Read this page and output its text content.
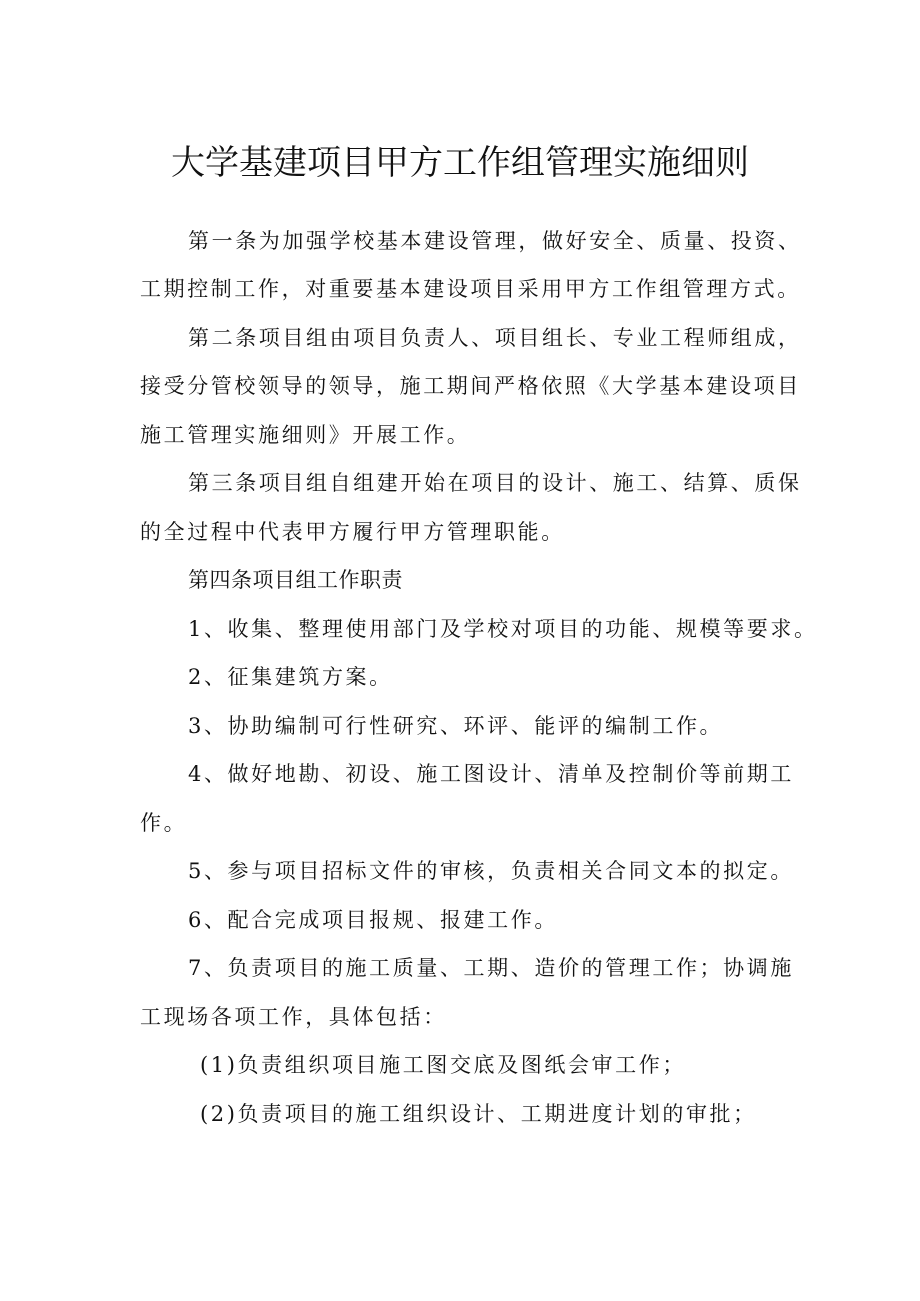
大学基建项目甲方工作组管理实施细则

第一条为加强学校基本建设管理，做好安全、质量、投资、

工期控制工作，对重要基本建设项目采用甲方工作组管理方式。

第二条项目组由项目负责人、项目组长、专业工程师组成，

接受分管校领导的领导，施工期间严格依照《大学基本建设项目

施工管理实施细则》开展工作。

第三条项目组自组建开始在项目的设计、施工、结算、质保

的全过程中代表甲方履行甲方管理职能。

第四条项目组工作职责

1、收集、整理使用部门及学校对项目的功能、规模等要求。

2、征集建筑方案。

3、协助编制可行性研究、环评、能评的编制工作。

4、做好地勘、初设、施工图设计、清单及控制价等前期工

作。

5、参与项目招标文件的审核，负责相关合同文本的拟定。

6、配合完成项目报规、报建工作。

7、负责项目的施工质量、工期、造价的管理工作；协调施

工现场各项工作，具体包括：

(1)负责组织项目施工图交底及图纸会审工作；

(2)负责项目的施工组织设计、工期进度计划的审批；
